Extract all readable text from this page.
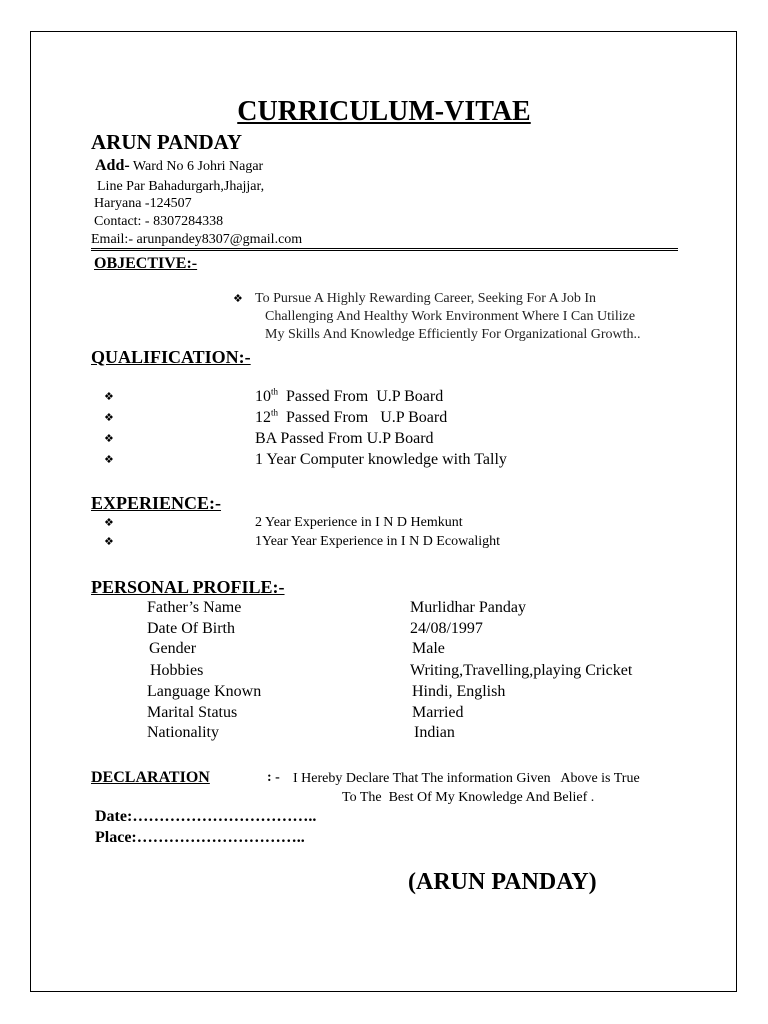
CURRICULUM-VITAE
ARUN PANDAY
Add- Ward No 6 Johri Nagar
Line Par Bahadurgarh,Jhajjar,
Haryana -124507
Contact: - 8307284338
Email:- arunpandey8307@gmail.com
OBJECTIVE:-
❖ To Pursue A Highly Rewarding Career, Seeking For A Job In
Challenging And Healthy Work Environment Where I Can Utilize
My Skills And Knowledge Efficiently For Organizational Growth..
QUALIFICATION:-
❖	10th  Passed From  U.P Board
❖	12th  Passed From   U.P Board
❖	BA Passed From U.P Board
❖	1 Year Computer knowledge with Tally
EXPERIENCE:-
❖	2 Year Experience in I N D Hemkunt
❖	1Year Year Experience in I N D Ecowalight
PERSONAL PROFILE:-
Father’s Name	Murlidhar Panday
Date Of Birth	24/08/1997
Gender	Male
Hobbies	Writing,Travelling,playing Cricket
Language Known	Hindi, English
Marital Status	Married
Nationality	Indian
DECLARATION	: - I Hereby Declare That The information Given   Above is True
To The  Best Of My Knowledge And Belief .
Date:……………………………..
Place:…………………………..
(ARUN PANDAY)
